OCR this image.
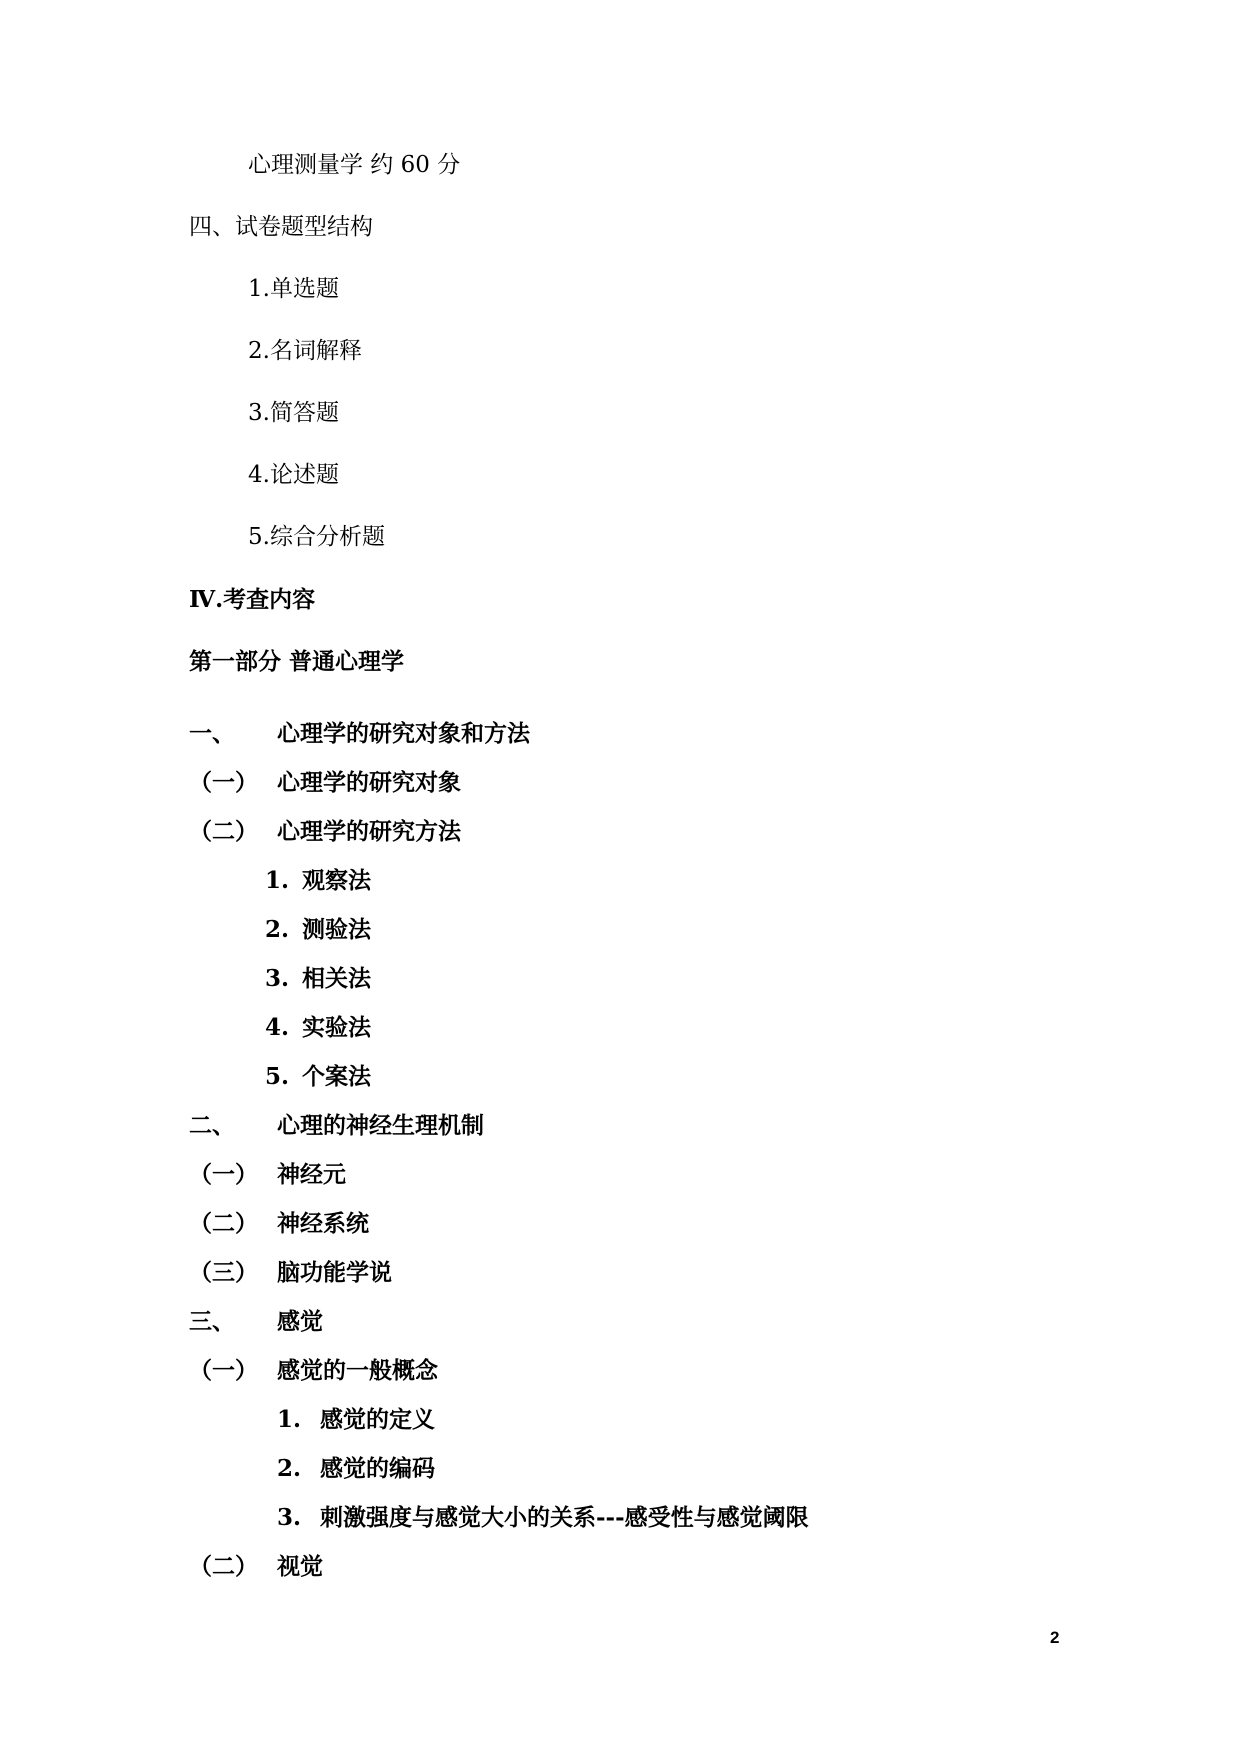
心理测量学 约 60 分
四、试卷题型结构
1.单选题
2.名词解释
3.简答题
4.论述题
5.综合分析题
Ⅳ.考查内容
第一部分 普通心理学
一、 心理学的研究对象和方法
（一） 心理学的研究对象
（二） 心理学的研究方法
1. 观察法
2. 测验法
3. 相关法
4. 实验法
5. 个案法
二、 心理的神经生理机制
（一） 神经元
（二） 神经系统
（三） 脑功能学说
三、 感觉
（一） 感觉的一般概念
1. 感觉的定义
2. 感觉的编码
3. 刺激强度与感觉大小的关系---感受性与感觉阈限
（二） 视觉
2
